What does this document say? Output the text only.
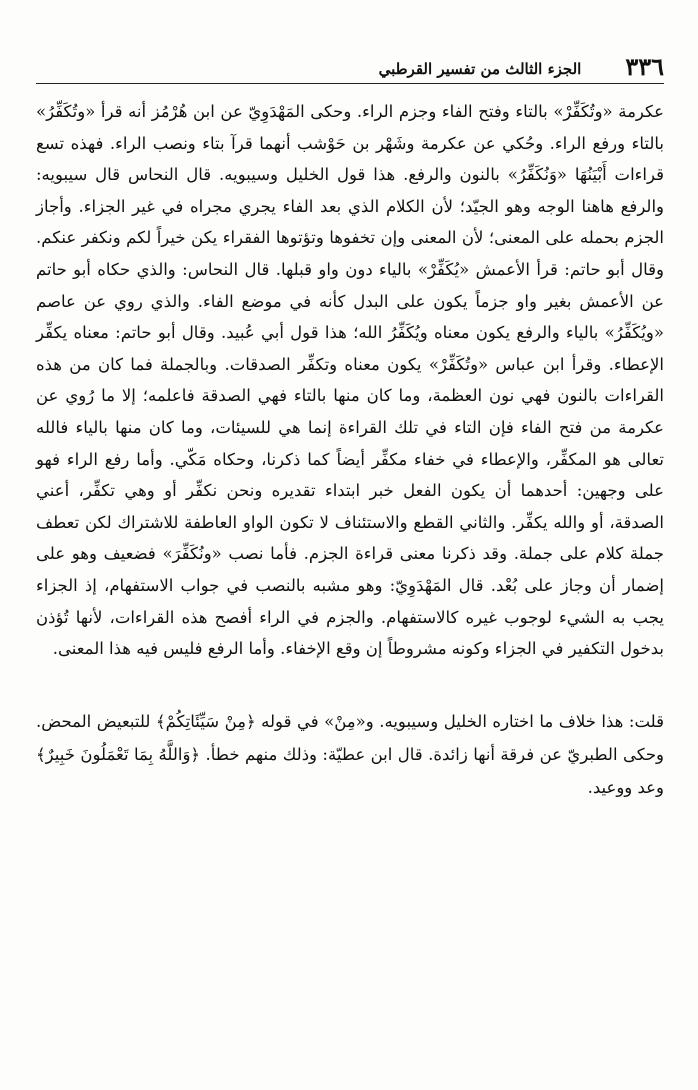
٣٣٦
الجزء الثالث من تفسير القرطبي

عكرمة «وتُكَفِّرْ» بالتاء وفتح الفاء وجزم الراء. وحكى المَهْدَوِيّ عن ابن هُرْمُز أنه قرأ «وتُكَفِّرُ» بالتاء ورفع الراء. وحُكي عن عكرمة وشَهْر بن حَوْشب أنهما قرآ بتاء ونصب الراء. فهذه تسع قراءات أَبْيَنُهَا «وَنُكَفِّرُ» بالنون والرفع. هذا قول الخليل وسيبويه. قال النحاس قال سيبويه: والرفع هاهنا الوجه وهو الجيّد؛ لأن الكلام الذي بعد الفاء يجري مجراه في غير الجزاء. وأجاز الجزم بحمله على المعنى؛ لأن المعنى وإن تخفوها وتؤتوها الفقراء يكن خيراً لكم ونكفر عنكم. وقال أبو حاتم: قرأ الأعمش «يُكَفِّرْ» بالياء دون واو قبلها. قال النحاس: والذي حكاه أبو حاتم عن الأعمش بغير واو جزماً يكون على البدل كأنه في موضع الفاء. والذي روي عن عاصم «ويُكَفِّرُ» بالياء والرفع يكون معناه ويُكَفِّرُ الله؛ هذا قول أبي عُبيد. وقال أبو حاتم: معناه يكفِّر الإعطاء. وقرأ ابن عباس «وتُكَفِّرْ» يكون معناه وتكفِّر الصدقات. وبالجملة فما كان من هذه القراءات بالنون فهي نون العظمة، وما كان منها بالتاء فهي الصدقة فاعلمه؛ إلا ما رُوي عن عكرمة من فتح الفاء فإن التاء في تلك القراءة إنما هي للسيئات، وما كان منها بالياء فالله تعالى هو المكفِّر، والإعطاء في خفاء مكفِّر أيضاً كما ذكرنا، وحكاه مَكّي. وأما رفع الراء فهو على وجهين: أحدهما أن يكون الفعل خبر ابتداء تقديره ونحن نكفِّر أو وهي تكفِّر، أعني الصدقة، أو والله يكفِّر. والثاني القطع والاستئناف لا تكون الواو العاطفة للاشتراك لكن تعطف جملة كلام على جملة. وقد ذكرنا معنى قراءة الجزم. فأما نصب «ونُكَفِّرَ» فضعيف وهو على إضمار أن وجاز على بُعْد. قال المَهْدَوِيّ: وهو مشبه بالنصب في جواب الاستفهام، إذ الجزاء يجب به الشيء لوجوب غيره كالاستفهام. والجزم في الراء أفصح هذه القراءات، لأنها تُؤذن بدخول التكفير في الجزاء وكونه مشروطاً إن وقع الإخفاء. وأما الرفع فليس فيه هذا المعنى.

قلت: هذا خلاف ما اختاره الخليل وسيبويه. و«مِنْ» في قوله ﴿مِنْ سَيِّئَاتِكُمْ﴾ للتبعيض المحض. وحكى الطبريّ عن فرقة أنها زائدة. قال ابن عطيّة: وذلك منهم خطأ. ﴿وَاللَّهُ بِمَا تَعْمَلُونَ خَبِيرٌ﴾ وعد ووعيد.
